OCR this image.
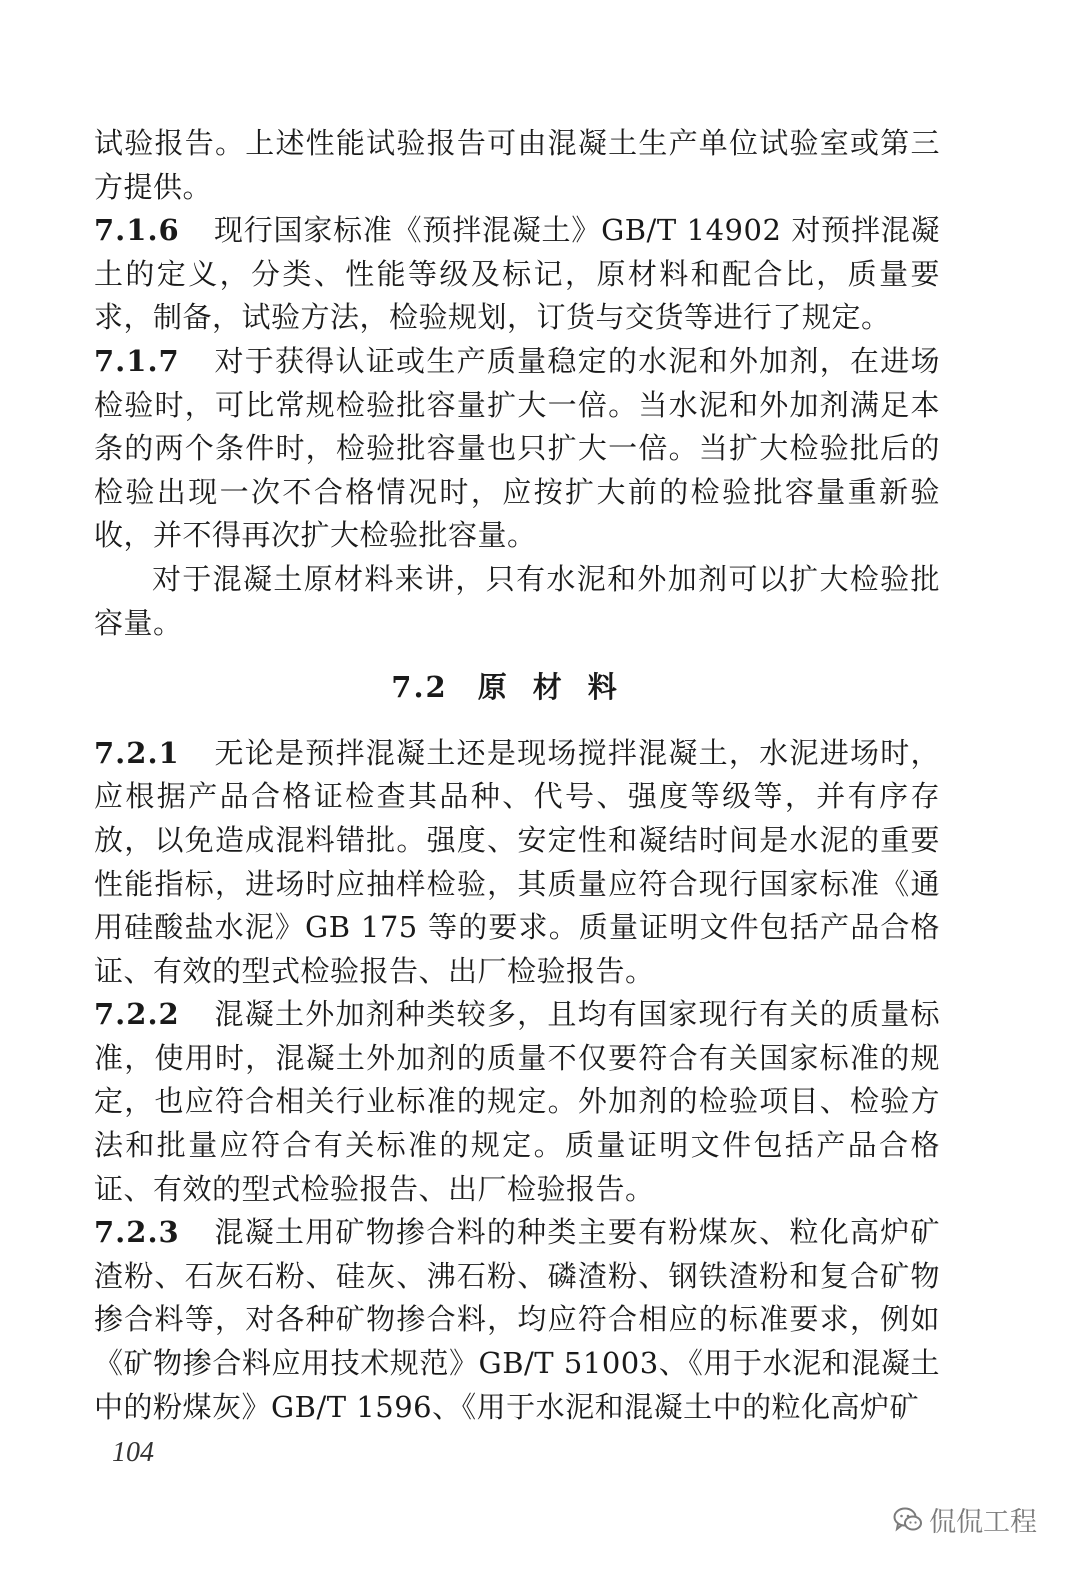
试验报告。上述性能试验报告可由混凝土生产单位试验室或第三方提供。

7.1.6 现行国家标准《预拌混凝土》GB/T 14902 对预拌混凝土的定义，分类、性能等级及标记，原材料和配合比，质量要求，制备，试验方法，检验规划，订货与交货等进行了规定。

7.1.7 对于获得认证或生产质量稳定的水泥和外加剂，在进场检验时，可比常规检验批容量扩大一倍。当水泥和外加剂满足本条的两个条件时，检验批容量也只扩大一倍。当扩大检验批后的检验出现一次不合格情况时，应按扩大前的检验批容量重新验收，并不得再次扩大检验批容量。

对于混凝土原材料来讲，只有水泥和外加剂可以扩大检验批容量。

7.2 原材料

7.2.1 无论是预拌混凝土还是现场搅拌混凝土，水泥进场时，应根据产品合格证检查其品种、代号、强度等级等，并有序存放，以免造成混料错批。强度、安定性和凝结时间是水泥的重要性能指标，进场时应抽样检验，其质量应符合现行国家标准《通用硅酸盐水泥》GB 175 等的要求。质量证明文件包括产品合格证、有效的型式检验报告、出厂检验报告。

7.2.2 混凝土外加剂种类较多，且均有国家现行有关的质量标准，使用时，混凝土外加剂的质量不仅要符合有关国家标准的规定，也应符合相关行业标准的规定。外加剂的检验项目、检验方法和批量应符合有关标准的规定。质量证明文件包括产品合格证、有效的型式检验报告、出厂检验报告。

7.2.3 混凝土用矿物掺合料的种类主要有粉煤灰、粒化高炉矿渣粉、石灰石粉、硅灰、沸石粉、磷渣粉、钢铁渣粉和复合矿物掺合料等，对各种矿物掺合料，均应符合相应的标准要求，例如《矿物掺合料应用技术规范》GB/T 51003、《用于水泥和混凝土中的粉煤灰》GB/T 1596、《用于水泥和混凝土中的粒化高炉矿

104
侃侃工程
